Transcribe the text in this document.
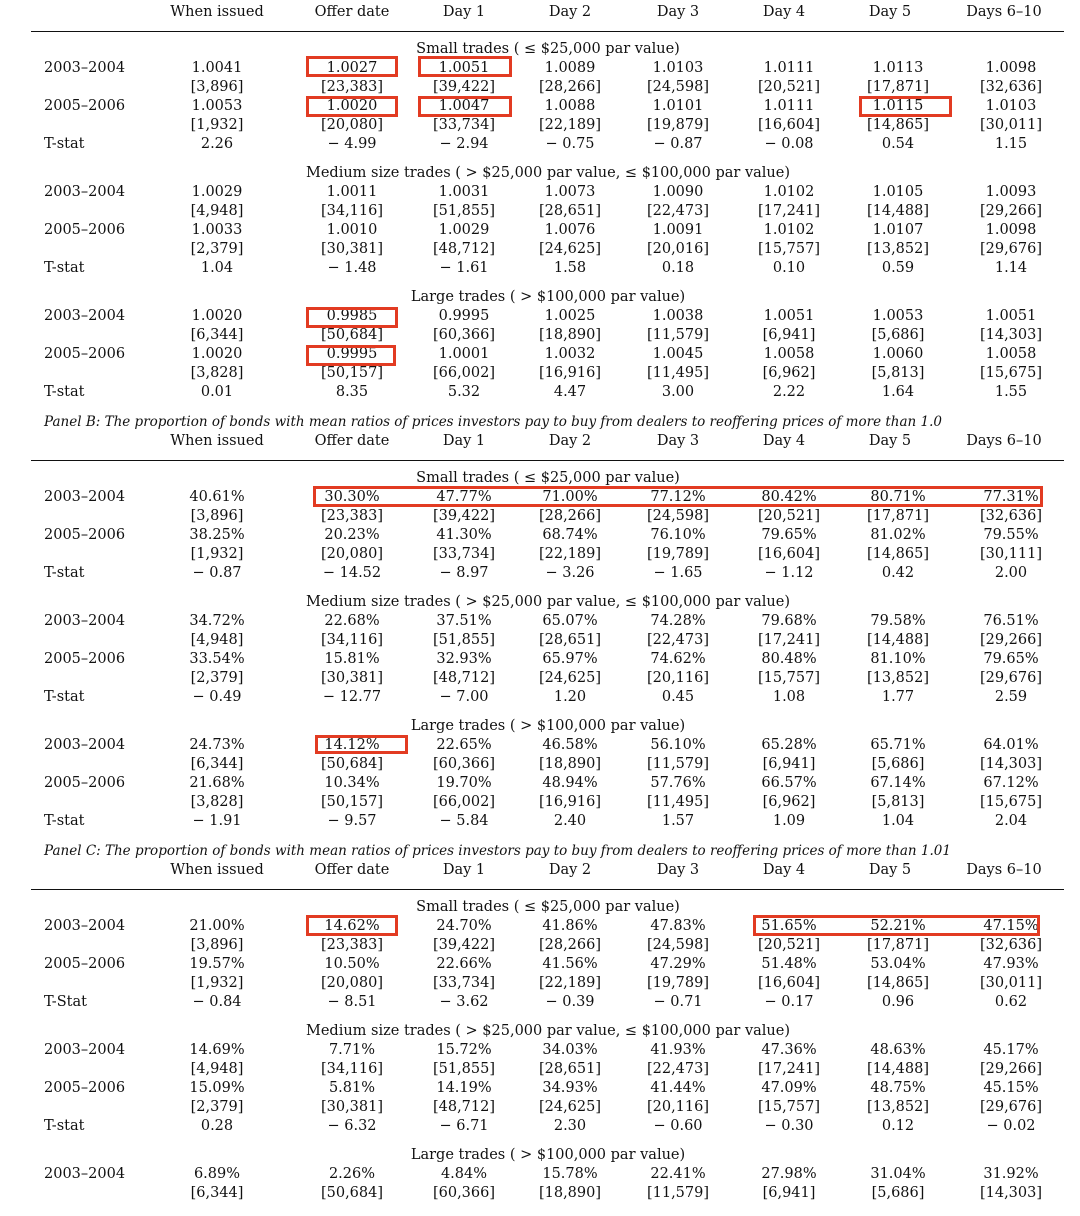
When issued	Offer date	Day 1	Day 2	Day 3	Day 4	Day 5	Days 6–10
Small trades ( ≤ $25,000 par value)
2003–2004	1.0041	1.0027	1.0051	1.0089	1.0103	1.0111	1.0113	1.0098
[3,896]	[23,383]	[39,422]	[28,266]	[24,598]	[20,521]	[17,871]	[32,636]
2005–2006	1.0053	1.0020	1.0047	1.0088	1.0101	1.0111	1.0115	1.0103
[1,932]	[20,080]	[33,734]	[22,189]	[19,879]	[16,604]	[14,865]	[30,011]
T-stat	2.26	− 4.99	− 2.94	− 0.75	− 0.87	− 0.08	0.54	1.15
Medium size trades ( > $25,000 par value, ≤ $100,000 par value)
2003–2004	1.0029	1.0011	1.0031	1.0073	1.0090	1.0102	1.0105	1.0093
[4,948]	[34,116]	[51,855]	[28,651]	[22,473]	[17,241]	[14,488]	[29,266]
2005–2006	1.0033	1.0010	1.0029	1.0076	1.0091	1.0102	1.0107	1.0098
[2,379]	[30,381]	[48,712]	[24,625]	[20,016]	[15,757]	[13,852]	[29,676]
T-stat	1.04	− 1.48	− 1.61	1.58	0.18	0.10	0.59	1.14
Large trades ( > $100,000 par value)
2003–2004	1.0020	0.9985	0.9995	1.0025	1.0038	1.0051	1.0053	1.0051
[6,344]	[50,684]	[60,366]	[18,890]	[11,579]	[6,941]	[5,686]	[14,303]
2005–2006	1.0020	0.9995	1.0001	1.0032	1.0045	1.0058	1.0060	1.0058
[3,828]	[50,157]	[66,002]	[16,916]	[11,495]	[6,962]	[5,813]	[15,675]
T-stat	0.01	8.35	5.32	4.47	3.00	2.22	1.64	1.55
Panel B: The proportion of bonds with mean ratios of prices investors pay to buy from dealers to reoffering prices of more than 1.0
When issued	Offer date	Day 1	Day 2	Day 3	Day 4	Day 5	Days 6–10
Small trades ( ≤ $25,000 par value)
2003–2004	40.61%	30.30%	47.77%	71.00%	77.12%	80.42%	80.71%	77.31%
[3,896]	[23,383]	[39,422]	[28,266]	[24,598]	[20,521]	[17,871]	[32,636]
2005–2006	38.25%	20.23%	41.30%	68.74%	76.10%	79.65%	81.02%	79.55%
[1,932]	[20,080]	[33,734]	[22,189]	[19,789]	[16,604]	[14,865]	[30,111]
T-stat	− 0.87	− 14.52	− 8.97	− 3.26	− 1.65	− 1.12	0.42	2.00
Medium size trades ( > $25,000 par value, ≤ $100,000 par value)
2003–2004	34.72%	22.68%	37.51%	65.07%	74.28%	79.68%	79.58%	76.51%
[4,948]	[34,116]	[51,855]	[28,651]	[22,473]	[17,241]	[14,488]	[29,266]
2005–2006	33.54%	15.81%	32.93%	65.97%	74.62%	80.48%	81.10%	79.65%
[2,379]	[30,381]	[48,712]	[24,625]	[20,116]	[15,757]	[13,852]	[29,676]
T-stat	− 0.49	− 12.77	− 7.00	1.20	0.45	1.08	1.77	2.59
Large trades ( > $100,000 par value)
2003–2004	24.73%	14.12%	22.65%	46.58%	56.10%	65.28%	65.71%	64.01%
[6,344]	[50,684]	[60,366]	[18,890]	[11,579]	[6,941]	[5,686]	[14,303]
2005–2006	21.68%	10.34%	19.70%	48.94%	57.76%	66.57%	67.14%	67.12%
[3,828]	[50,157]	[66,002]	[16,916]	[11,495]	[6,962]	[5,813]	[15,675]
T-stat	− 1.91	− 9.57	− 5.84	2.40	1.57	1.09	1.04	2.04
Panel C: The proportion of bonds with mean ratios of prices investors pay to buy from dealers to reoffering prices of more than 1.01
When issued	Offer date	Day 1	Day 2	Day 3	Day 4	Day 5	Days 6–10
Small trades ( ≤ $25,000 par value)
2003–2004	21.00%	14.62%	24.70%	41.86%	47.83%	51.65%	52.21%	47.15%
[3,896]	[23,383]	[39,422]	[28,266]	[24,598]	[20,521]	[17,871]	[32,636]
2005–2006	19.57%	10.50%	22.66%	41.56%	47.29%	51.48%	53.04%	47.93%
[1,932]	[20,080]	[33,734]	[22,189]	[19,789]	[16,604]	[14,865]	[30,011]
T-Stat	− 0.84	− 8.51	− 3.62	− 0.39	− 0.71	− 0.17	0.96	0.62
Medium size trades ( > $25,000 par value, ≤ $100,000 par value)
2003–2004	14.69%	7.71%	15.72%	34.03%	41.93%	47.36%	48.63%	45.17%
[4,948]	[34,116]	[51,855]	[28,651]	[22,473]	[17,241]	[14,488]	[29,266]
2005–2006	15.09%	5.81%	14.19%	34.93%	41.44%	47.09%	48.75%	45.15%
[2,379]	[30,381]	[48,712]	[24,625]	[20,116]	[15,757]	[13,852]	[29,676]
T-stat	0.28	− 6.32	− 6.71	2.30	− 0.60	− 0.30	0.12	− 0.02
Large trades ( > $100,000 par value)
2003–2004	6.89%	2.26%	4.84%	15.78%	22.41%	27.98%	31.04%	31.92%
[6,344]	[50,684]	[60,366]	[18,890]	[11,579]	[6,941]	[5,686]	[14,303]
